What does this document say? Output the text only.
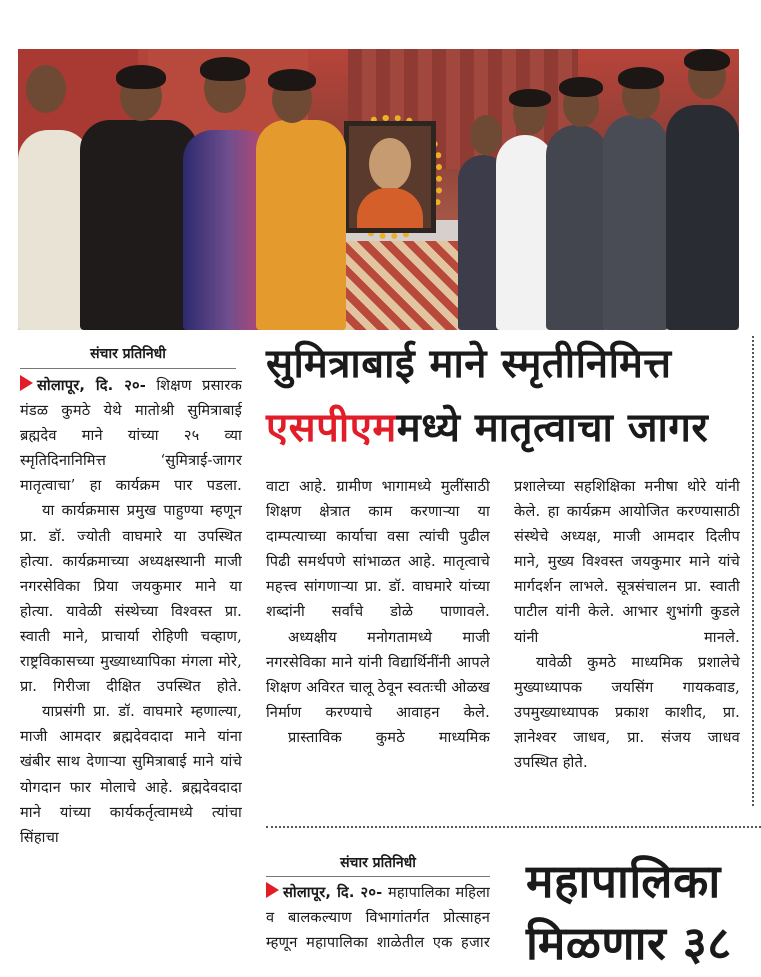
संचार प्रतिनिधी	सुमित्राबाई माने स्मृतीनिमित्त
एसपीएममध्ये मातृत्वाचा जागर

सोलापूर, दि. २०- शिक्षण प्रसारक मंडळ कुमठे येथे मातोश्री सुमित्राबाई ब्रह्मदेव माने यांच्या २५ व्या स्मृतिदिनानिमित्त ‘सुमित्राई-जागर मातृत्वाचा’ हा कार्यक्रम पार पडला.

या कार्यक्रमास प्रमुख पाहुण्या म्हणून प्रा. डॉ. ज्योती वाघमारे या उपस्थित होत्या. कार्यक्रमाच्या अध्यक्षस्थानी माजी नगरसेविका प्रिया जयकुमार माने या होत्या. यावेळी संस्थेच्या विश्वस्त प्रा. स्वाती माने, प्राचार्या रोहिणी चव्हाण, राष्ट्रविकासच्या मुख्याध्यापिका मंगला मोरे, प्रा. गिरीजा दीक्षित उपस्थित होते.

याप्रसंगी प्रा. डॉ. वाघमारे म्हणाल्या, माजी आमदार ब्रह्मदेवदादा माने यांना खंबीर साथ देणाऱ्या सुमित्राबाई माने यांचे योगदान फार मोलाचे आहे. ब्रह्मदेवदादा माने यांच्या कार्यकर्तृत्वामध्ये त्यांचा सिंहाचा

वाटा आहे. ग्रामीण भागामध्ये मुलींसाठी शिक्षण क्षेत्रात काम करणाऱ्या या दाम्पत्याच्या कार्याचा वसा त्यांची पुढील पिढी समर्थपणे सांभाळत आहे. मातृत्वाचे महत्त्व सांगणाऱ्या प्रा. डॉ. वाघमारे यांच्या शब्दांनी सर्वांचे डोळे पाणावले.

अध्यक्षीय मनोगतामध्ये माजी नगरसेविका माने यांनी विद्यार्थिनींनी आपले शिक्षण अविरत चालू ठेवून स्वतःची ओळख निर्माण करण्याचे आवाहन केले.

प्रास्ताविक कुमठे माध्यमिक

प्रशालेच्या सहशिक्षिका मनीषा थोरे यांनी केले. हा कार्यक्रम आयोजित करण्यासाठी संस्थेचे अध्यक्ष, माजी आमदार दिलीप माने, मुख्य विश्वस्त जयकुमार माने यांचे मार्गदर्शन लाभले. सूत्रसंचालन प्रा. स्वाती पाटील यांनी केले. आभार शुभांगी कुडले यांनी मानले.

यावेळी कुमठे माध्यमिक प्रशालेचे मुख्याध्यापक जयसिंग गायकवाड, उपमुख्याध्यापक प्रकाश काशीद, प्रा. ज्ञानेश्वर जाधव, प्रा. संजय जाधव उपस्थित होते.

संचार प्रतिनिधी

सोलापूर, दि. २०- महापालिका महिला व बालकल्याण विभागांतर्गत प्रोत्साहन म्हणून महापालिका शाळेतील एक हजार

महापालिका
मिळणार ३८
